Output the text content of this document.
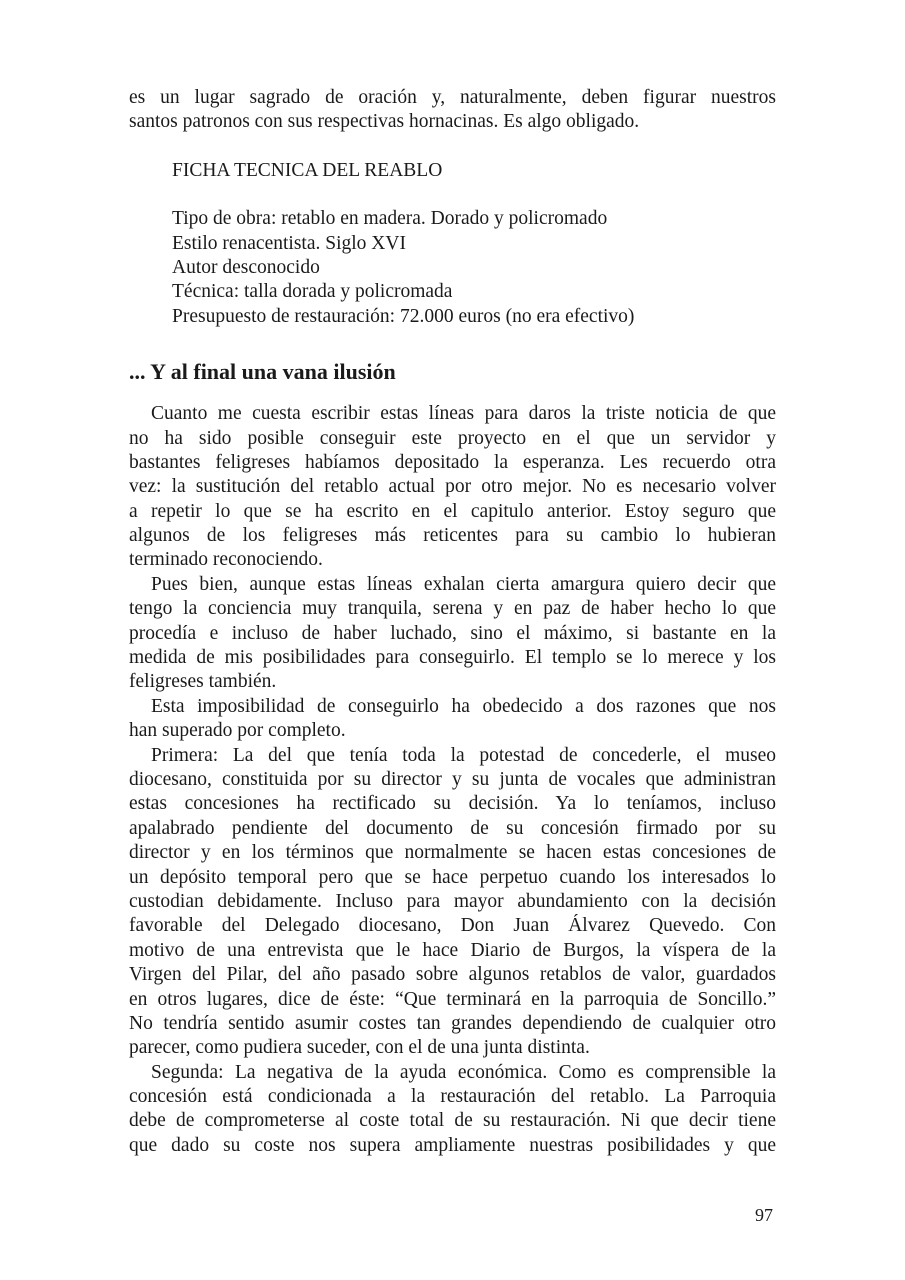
es un lugar sagrado de oración y, naturalmente, deben figurar nuestros
santos patronos con sus respectivas hornacinas. Es algo obligado.
FICHA TECNICA DEL REABLO
Tipo de obra: retablo en madera. Dorado y policromado
Estilo renacentista. Siglo XVI
Autor desconocido
Técnica: talla dorada y policromada
Presupuesto de restauración: 72.000 euros (no era efectivo)
... Y al final una vana ilusión
Cuanto me cuesta escribir estas líneas para daros la triste noticia de que
no ha sido posible conseguir este proyecto en el que un servidor y
bastantes feligreses habíamos depositado la esperanza. Les recuerdo otra
vez: la sustitución del retablo actual por otro mejor. No es necesario volver
a repetir lo que se ha escrito en el capitulo anterior. Estoy seguro que
algunos de los feligreses más reticentes para su cambio lo hubieran
terminado reconociendo.
Pues bien, aunque estas líneas exhalan cierta amargura quiero decir que
tengo la conciencia muy tranquila, serena y en paz de haber hecho lo que
procedía e incluso de haber luchado, sino el máximo, si bastante en la
medida de mis posibilidades para conseguirlo. El templo se lo merece y los
feligreses también.
Esta imposibilidad de conseguirlo ha obedecido a dos razones que nos
han superado por completo.
Primera: La del que tenía toda la potestad de concederle, el museo
diocesano, constituida por su director y su junta de vocales que administran
estas concesiones ha rectificado su decisión. Ya lo teníamos, incluso
apalabrado pendiente del documento de su concesión firmado por su
director y en los términos que normalmente se hacen estas concesiones de
un depósito temporal pero que se hace perpetuo cuando los interesados lo
custodian debidamente. Incluso para mayor abundamiento con la decisión
favorable del Delegado diocesano, Don Juan Álvarez Quevedo. Con
motivo de una entrevista que le hace Diario de Burgos, la víspera de la
Virgen del Pilar, del año pasado sobre algunos retablos de valor, guardados
en otros lugares, dice de éste: “Que terminará en la parroquia de Soncillo.”
No tendría sentido asumir costes tan grandes dependiendo de cualquier otro
parecer, como pudiera suceder, con el de una junta distinta.
Segunda: La negativa de la ayuda económica. Como es comprensible la
concesión está condicionada a la restauración del retablo. La Parroquia
debe de comprometerse al coste total de su restauración. Ni que decir tiene
que dado su coste nos supera ampliamente nuestras posibilidades y que
97
